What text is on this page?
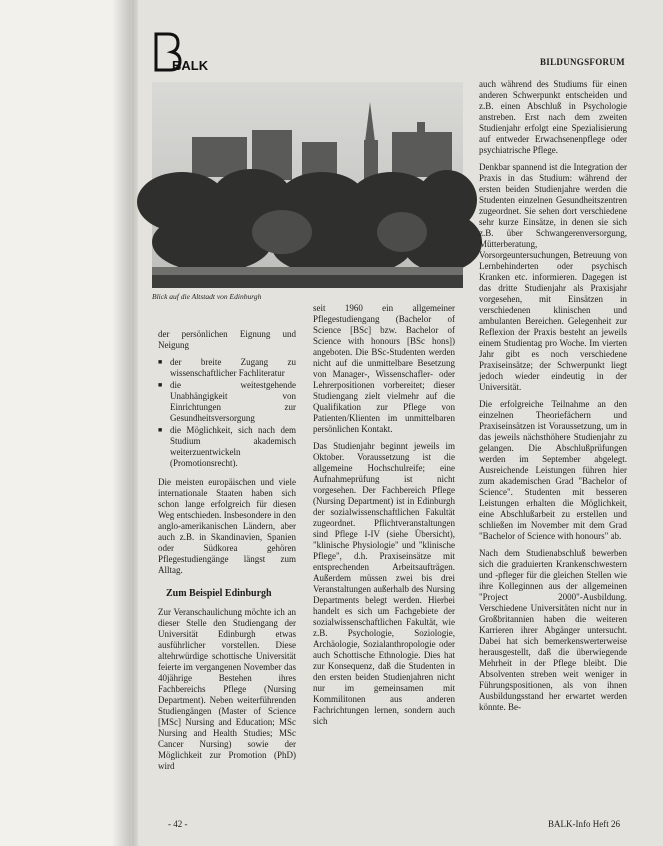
BALK	BILDUNGSFORUM
Blick auf die Altstadt von Edinburgh

der persönlichen Eignung und Neigung

■ der breite Zugang zu wissenschaftlicher Fachliteratur
■ die weitestgehende Unabhängigkeit von Einrichtungen zur Gesundheitsversorgung
■ die Möglichkeit, sich nach dem Studium akademisch weiterzuentwickeln (Promotionsrecht).

Die meisten europäischen und viele internationale Staaten haben sich schon lange erfolgreich für diesen Weg entschieden. Insbesondere in den anglo-amerikanischen Ländern, aber auch z.B. in Skandinavien, Spanien oder Südkorea gehören Pflegestudiengänge längst zum Alltag.

Zum Beispiel Edinburgh

Zur Veranschaulichung möchte ich an dieser Stelle den Studiengang der Universität Edinburgh etwas ausführlicher vorstellen. Diese altehrwürdige schottische Universität feierte im vergangenen November das 40jährige Bestehen ihres Fachbereichs Pflege (Nursing Department). Neben weiterführenden Studiengängen (Master of Science [MSc] Nursing and Education; MSc Nursing and Health Studies; MSc Cancer Nursing) sowie der Möglichkeit zur Promotion (PhD) wird

seit 1960 ein allgemeiner Pflegestudiengang (Bachelor of Science [BSc] bzw. Bachelor of Science with honours [BSc hons]) angeboten. Die BSc-Studenten werden nicht auf die unmittelbare Besetzung von Manager-, Wissenschafler- oder Lehrerpositionen vorbereitet; dieser Studiengang zielt vielmehr auf die Qualifikation zur Pflege von Patienten/Klienten im unmittelbaren persönlichen Kontakt.

Das Studienjahr beginnt jeweils im Oktober. Voraussetzung ist die allgemeine Hochschulreife; eine Aufnahmeprüfung ist nicht vorgesehen. Der Fachbereich Pflege (Nursing Department) ist in Edinburgh der sozialwissenschaftlichen Fakultät zugeordnet. Pflichtveranstaltungen sind Pflege I-IV (siehe Übersicht), "klinische Physiologie" und "klinische Pflege", d.h. Praxiseinsätze mit entsprechenden Arbeitsaufträgen. Außerdem müssen zwei bis drei Veranstaltungen außerhalb des Nursing Departments belegt werden. Hierbei handelt es sich um Fachgebiete der sozialwissenschaftlichen Fakultät, wie z.B. Psychologie, Soziologie, Archäologie, Sozialanthropologie oder auch Schottische Ethnologie. Dies hat zur Konsequenz, daß die Studenten in den ersten beiden Studienjahren nicht nur im gemeinsamen mit Kommilitonen aus anderen Fachrichtungen lernen, sondern auch sich

auch während des Studiums für einen anderen Schwerpunkt entscheiden und z.B. einen Abschluß in Psychologie anstreben. Erst nach dem zweiten Studienjahr erfolgt eine Spezialisierung auf entweder Erwachsenenpflege oder psychiatrische Pflege.

Denkbar spannend ist die Integration der Praxis in das Studium: während der ersten beiden Studienjahre werden die Studenten einzelnen Gesundheitszentren zugeordnet. Sie sehen dort verschiedene sehr kurze Einsätze, in denen sie sich z.B. über Schwangerenversorgung, Mütterberatung, Vorsorgeuntersuchungen, Betreuung von Lernbehinderten oder psychisch Kranken etc. informieren. Dagegen ist das dritte Studienjahr als Praxisjahr vorgesehen, mit Einsätzen in verschiedenen klinischen und ambulanten Bereichen. Gelegenheit zur Reflexion der Praxis besteht an jeweils einem Studientag pro Woche. Im vierten Jahr gibt es noch verschiedene Praxiseinsätze; der Schwerpunkt liegt jedoch wieder eindeutig in der Universität.

Die erfolgreiche Teilnahme an den einzelnen Theoriefächern und Praxiseinsätzen ist Voraussetzung, um in das jeweils nächsthöhere Studienjahr zu gelangen. Die Abschlußprüfungen werden im September abgelegt. Ausreichende Leistungen führen hier zum akademischen Grad "Bachelor of Science". Studenten mit besseren Leistungen erhalten die Möglichkeit, eine Abschlußarbeit zu erstellen und schließen im November mit dem Grad "Bachelor of Science with honours" ab.

Nach dem Studienabschluß bewerben sich die graduierten Krankenschwestern und -pfleger für die gleichen Stellen wie ihre Kolleginnen aus der allgemeinen "Project 2000"-Ausbildung. Verschiedene Universitäten nicht nur in Großbritannien haben die weiteren Karrieren ihrer Abgänger untersucht. Dabei hat sich bemerkenswerterweise herausgestellt, daß die überwiegende Mehrheit in der Pflege bleibt. Die Absolventen streben weit weniger in Führungspositionen, als von ihnen Ausbildungsstand her erwartet werden könnte. Be-

- 42 -	BALK-Info Heft 26
